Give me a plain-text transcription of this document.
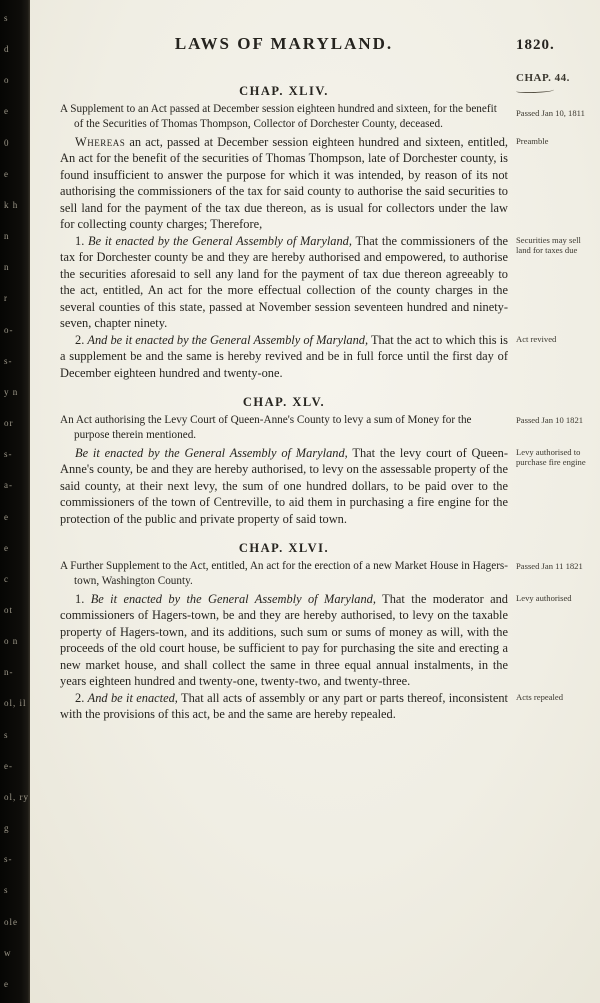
s
d
o
e
0
e
k h
n
n
r
o-
s-
y n
or
s-
a-
e
e
c
ot
o n
n-
ol, il
s
e-
ol, ry
g
s-
s
ole
w
e
LAWS OF MARYLAND.	1820.
CHAP. XLIV.
CHAP. 44.
A Supplement to an Act passed at December session eighteen hundred and sixteen, for the benefit of the Securities of Thomas Thompson, Collector of Dorchester County, deceased.
Passed Jan 10, 1811

Whereas an act, passed at December session eighteen hundred and sixteen, entitled, An act for the benefit of the securities of Thomas Thompson, late of Dorchester county, is found insufficient to answer the purpose for which it was intended, by reason of its not authorising the commissioners of the tax for said county to authorise the said securities to sell land for the payment of the tax due thereon, as is usual for collectors under the law for collecting county charges; Therefore,

Preamble

1. Be it enacted by the General Assembly of Maryland, That the commissioners of the tax for Dorchester county be and they are hereby authorised and empowered, to authorise the securities aforesaid to sell any land for the payment of tax due thereon agreeably to the act, entitled, An act for the more effectual collection of the county charges in the several counties of this state, passed at November session seventeen hundred and ninety-seven, chapter ninety.

Securities may sell land for taxes due

2. And be it enacted by the General Assembly of Maryland, That the act to which this is a supplement be and the same is hereby revived and be in full force until the first day of December eighteen hundred and twenty-one.

Act revived
CHAP. XLV.
An Act authorising the Levy Court of Queen-Anne's County to levy a sum of Money for the purpose therein mentioned.
Passed Jan 10 1821

Be it enacted by the General Assembly of Maryland, That the levy court of Queen-Anne's county, be and they are hereby authorised, to levy on the assessable property of the said county, at their next levy, the sum of one hundred dollars, to be paid over to the commissioners of the town of Centreville, to aid them in purchasing a fire engine for the protection of the public and private property of said town.

Levy authorised to purchase fire engine
CHAP. XLVI.
A Further Supplement to the Act, entitled, An act for the erection of a new Market House in Hagers-town, Washington County.
Passed Jan 11 1821

1. Be it enacted by the General Assembly of Maryland, That the moderator and commissioners of Hagers-town, be and they are hereby authorised, to levy on the taxable property of Hagers-town, and its additions, such sum or sums of money as will, with the proceeds of the old court house, be sufficient to pay for purchasing the site and erecting a new market house, and shall collect the same in three equal annual instalments, in the years eighteen hundred and twenty-one, twenty-two, and twenty-three.

Levy authorised

2. And be it enacted, That all acts of assembly or any part or parts thereof, inconsistent with the provisions of this act, be and the same are hereby repealed.

Acts repealed
